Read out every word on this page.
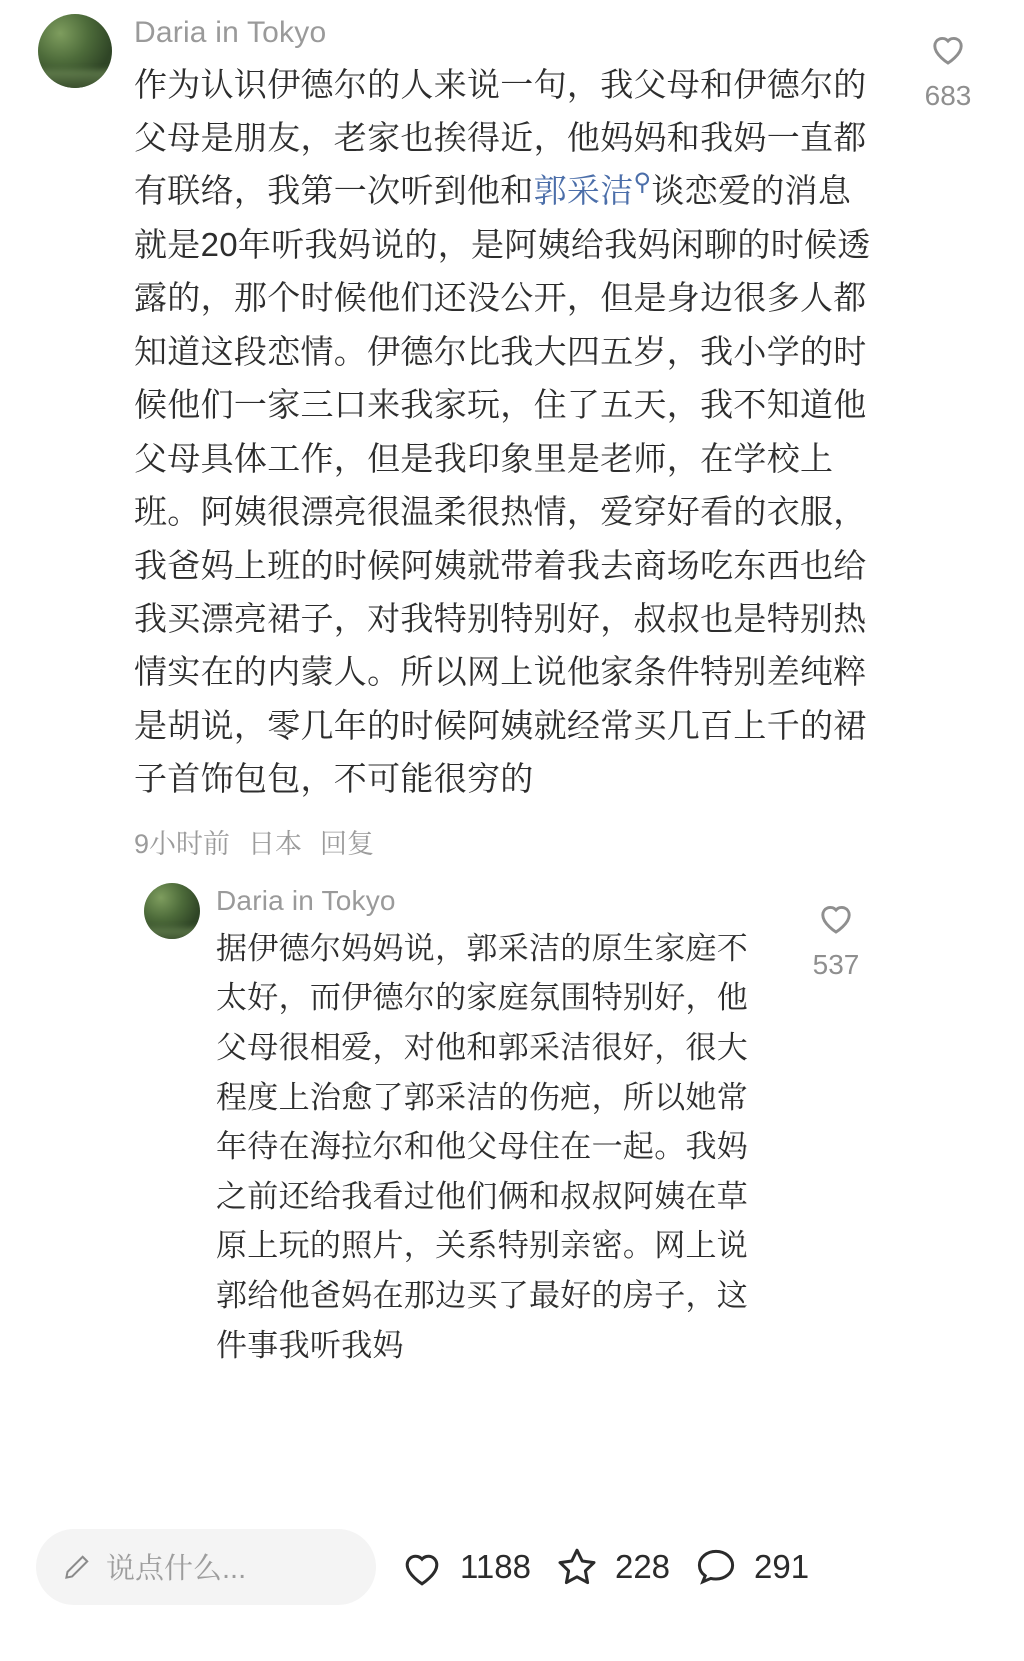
Daria in Tokyo
作为认识伊德尔的人来说一句，我父母和伊德尔的父母是朋友，老家也挨得近，他妈妈和我妈一直都有联络，我第一次听到他和郭采洁⚲谈恋爱的消息就是20年听我妈说的，是阿姨给我妈闲聊的时候透露的，那个时候他们还没公开，但是身边很多人都知道这段恋情。伊德尔比我大四五岁，我小学的时候他们一家三口来我家玩，住了五天，我不知道他父母具体工作，但是我印象里是老师，在学校上班。阿姨很漂亮很温柔很热情，爱穿好看的衣服，我爸妈上班的时候阿姨就带着我去商场吃东西也给我买漂亮裙子，对我特别特别好，叔叔也是特别热情实在的内蒙人。所以网上说他家条件特别差纯粹是胡说，零几年的时候阿姨就经常买几百上千的裙子首饰包包，不可能很穷的
9小时前 日本 回复
Daria in Tokyo
据伊德尔妈妈说，郭采洁的原生家庭不太好，而伊德尔的家庭氛围特别好，他父母很相爱，对他和郭采洁很好，很大程度上治愈了郭采洁的伤疤，所以她常年待在海拉尔和他父母住在一起。我妈之前还给我看过他们俩和叔叔阿姨在草原上玩的照片，关系特别亲密。网上说郭给他爸妈在那边买了最好的房子，这件事我听我妈
537
683
说点什么...	1188	228	291
